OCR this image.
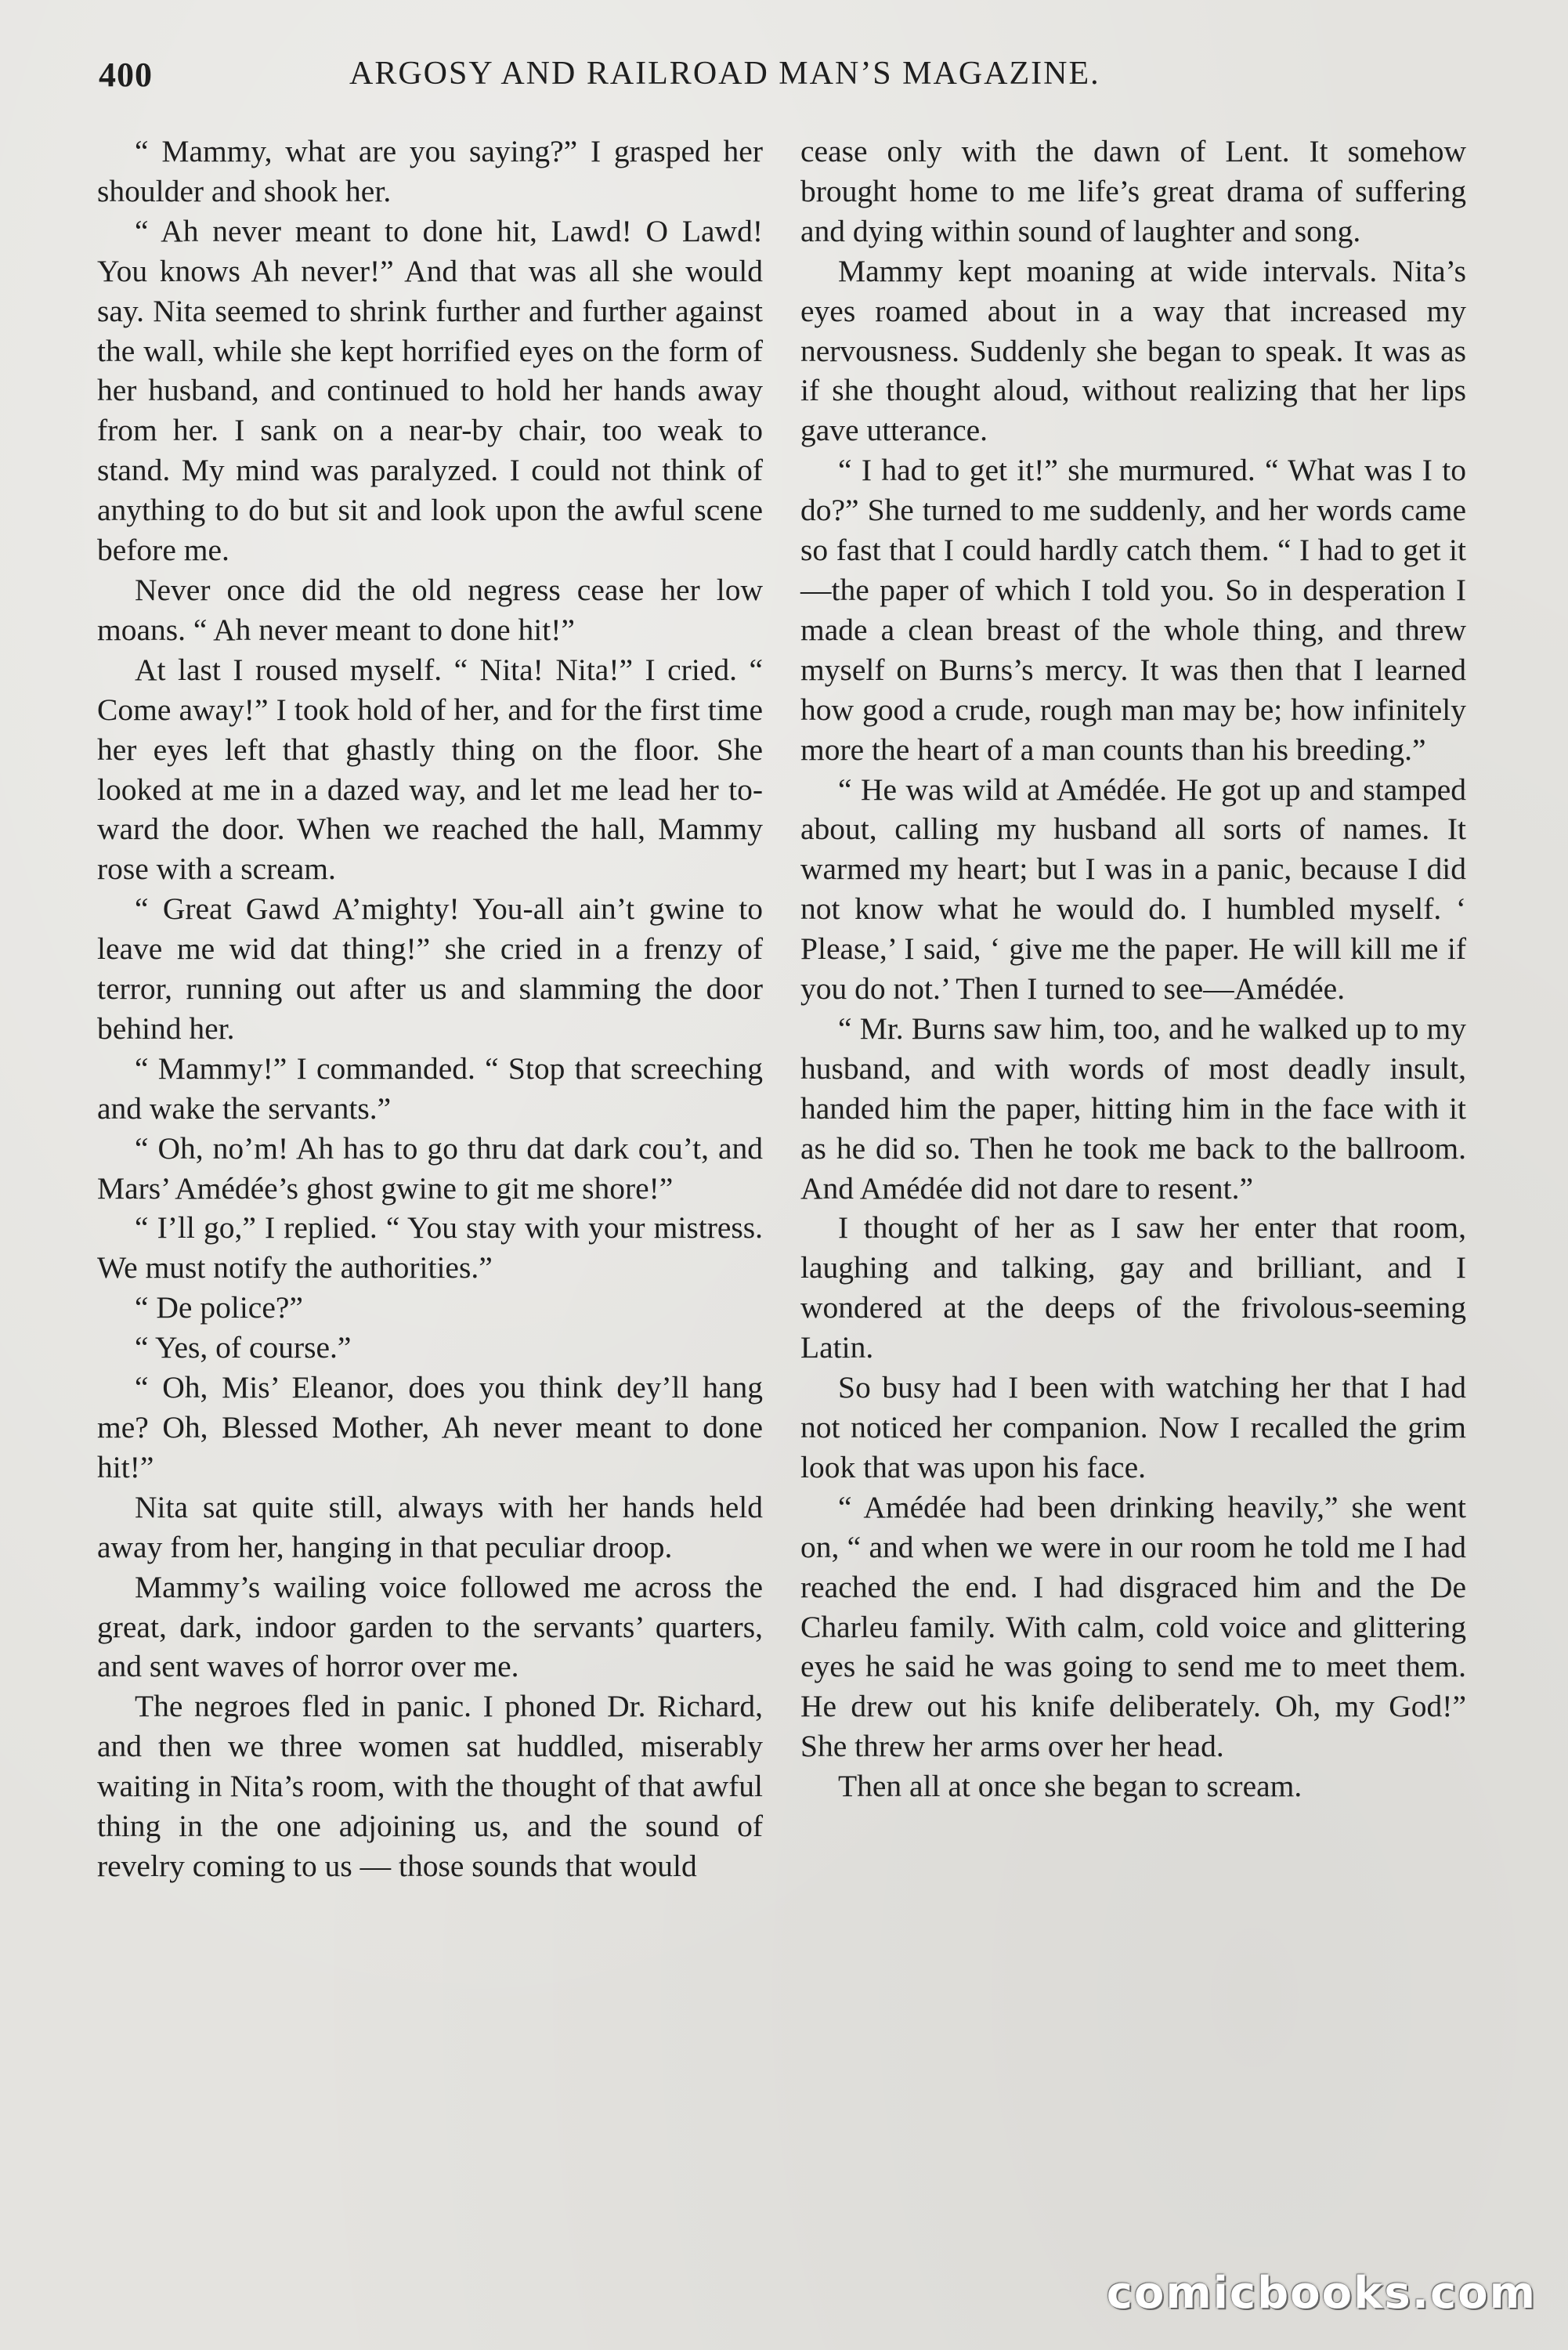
400	ARGOSY AND RAILROAD MAN’S MAGAZINE.

“ Mammy, what are you saying?” I grasped her shoulder and shook her.

“ Ah never meant to done hit, Lawd! O Lawd! You knows Ah never!” And that was all she would say. Nita seemed to shrink further and further against the wall, while she kept horrified eyes on the form of her husband, and continued to hold her hands away from her. I sank on a near-by chair, too weak to stand. My mind was paralyzed. I could not think of anything to do but sit and look upon the awful scene before me.

Never once did the old negress cease her low moans. “ Ah never meant to done hit!”

At last I roused myself. “ Nita! Nita!” I cried. “ Come away!” I took hold of her, and for the first time her eyes left that ghastly thing on the floor. She looked at me in a dazed way, and let me lead her toward the door. When we reached the hall, Mammy rose with a scream.

“ Great Gawd A’mighty! You-all ain’t gwine to leave me wid dat thing!” she cried in a frenzy of terror, running out after us and slamming the door behind her.

“ Mammy!” I commanded. “ Stop that screeching and wake the servants.”

“ Oh, no’m! Ah has to go thru dat dark cou’t, and Mars’ Amédée’s ghost gwine to git me shore!”

“ I’ll go,” I replied. “ You stay with your mistress. We must notify the authorities.”

“ De police?”

“ Yes, of course.”

“ Oh, Mis’ Eleanor, does you think dey’ll hang me? Oh, Blessed Mother, Ah never meant to done hit!”

Nita sat quite still, always with her hands held away from her, hanging in that peculiar droop.

Mammy’s wailing voice followed me across the great, dark, indoor garden to the servants’ quarters, and sent waves of horror over me.

The negroes fled in panic. I phoned Dr. Richard, and then we three women sat huddled, miserably waiting in Nita’s room, with the thought of that awful thing in the one adjoining us, and the sound of revelry coming to us — those sounds that would

cease only with the dawn of Lent. It somehow brought home to me life’s great drama of suffering and dying within sound of laughter and song.

Mammy kept moaning at wide intervals. Nita’s eyes roamed about in a way that increased my nervousness. Suddenly she began to speak. It was as if she thought aloud, without realizing that her lips gave utterance.

“ I had to get it!” she murmured. “ What was I to do?” She turned to me suddenly, and her words came so fast that I could hardly catch them. “ I had to get it—the paper of which I told you. So in desperation I made a clean breast of the whole thing, and threw myself on Burns’s mercy. It was then that I learned how good a crude, rough man may be; how infinitely more the heart of a man counts than his breeding.”

“ He was wild at Amédée. He got up and stamped about, calling my husband all sorts of names. It warmed my heart; but I was in a panic, because I did not know what he would do. I humbled myself. ‘ Please,’ I said, ‘ give me the paper. He will kill me if you do not.’ Then I turned to see—Amédée.

“ Mr. Burns saw him, too, and he walked up to my husband, and with words of most deadly insult, handed him the paper, hitting him in the face with it as he did so. Then he took me back to the ballroom. And Amédée did not dare to resent.”

I thought of her as I saw her enter that room, laughing and talking, gay and brilliant, and I wondered at the deeps of the frivolous-seeming Latin.

So busy had I been with watching her that I had not noticed her companion. Now I recalled the grim look that was upon his face.

“ Amédée had been drinking heavily,” she went on, “ and when we were in our room he told me I had reached the end. I had disgraced him and the De Charleu family. With calm, cold voice and glittering eyes he said he was going to send me to meet them. He drew out his knife deliberately. Oh, my God!” She threw her arms over her head.

Then all at once she began to scream.

comicbooks.com
